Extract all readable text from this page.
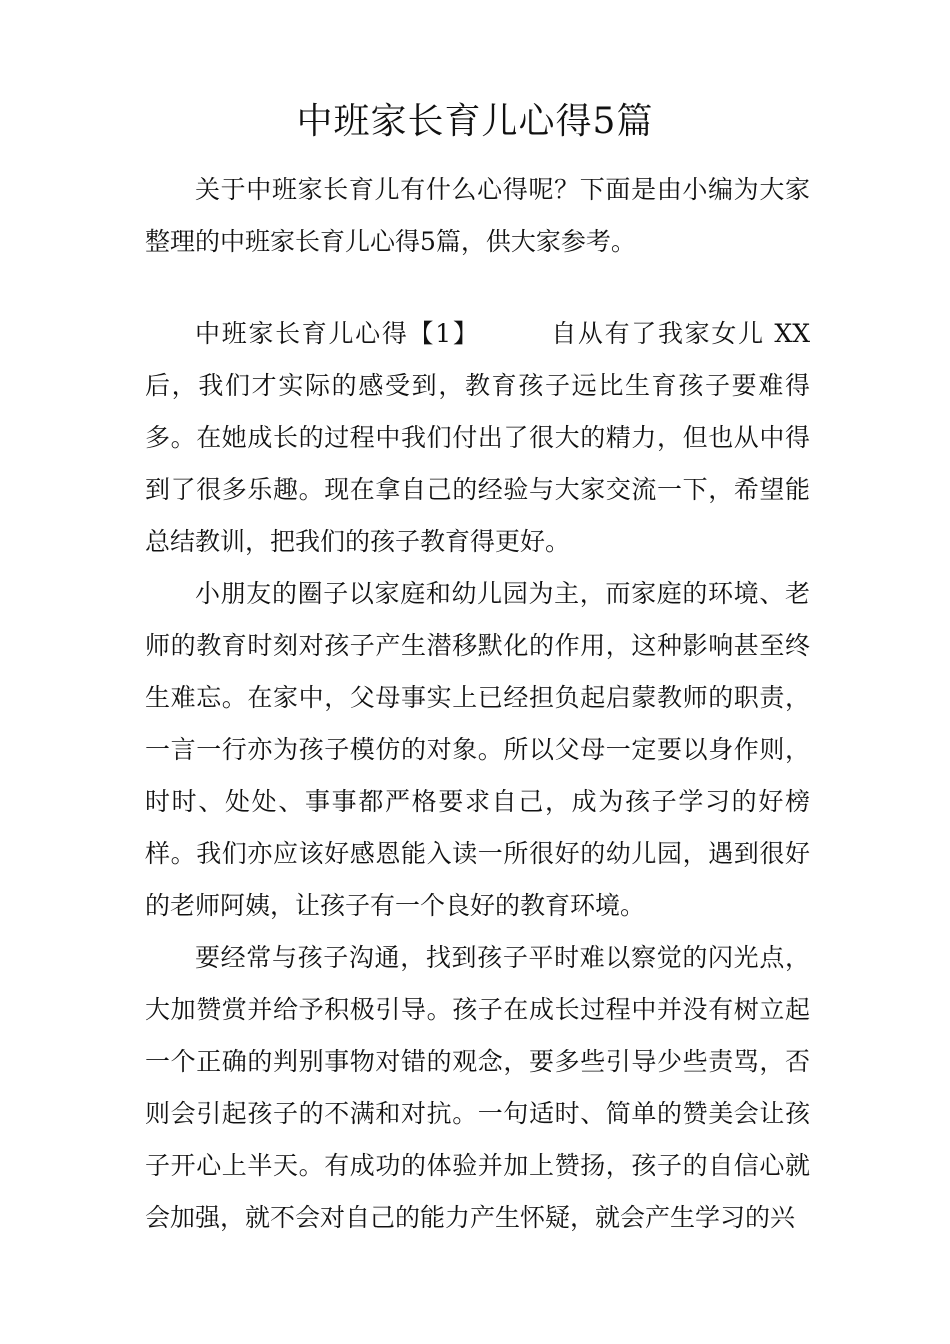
中班家长育儿心得5篇

关于中班家长育儿有什么心得呢？下面是由小编为大家整理的中班家长育儿心得5篇，供大家参考。

中班家长育儿心得【1】	自从有了我家女儿 XX 后，我们才实际的感受到，教育孩子远比生育孩子要难得多。在她成长的过程中我们付出了很大的精力，但也从中得到了很多乐趣。现在拿自己的经验与大家交流一下，希望能总结教训，把我们的孩子教育得更好。

小朋友的圈子以家庭和幼儿园为主，而家庭的环境、老师的教育时刻对孩子产生潜移默化的作用，这种影响甚至终生难忘。在家中，父母事实上已经担负起启蒙教师的职责，一言一行亦为孩子模仿的对象。所以父母一定要以身作则，时时、处处、事事都严格要求自己，成为孩子学习的好榜样。我们亦应该好感恩能入读一所很好的幼儿园，遇到很好的老师阿姨，让孩子有一个良好的教育环境。

要经常与孩子沟通，找到孩子平时难以察觉的闪光点，大加赞赏并给予积极引导。孩子在成长过程中并没有树立起一个正确的判别事物对错的观念，要多些引导少些责骂，否则会引起孩子的不满和对抗。一句适时、简单的赞美会让孩子开心上半天。有成功的体验并加上赞扬，孩子的自信心就会加强，就不会对自己的能力产生怀疑，就会产生学习的兴
